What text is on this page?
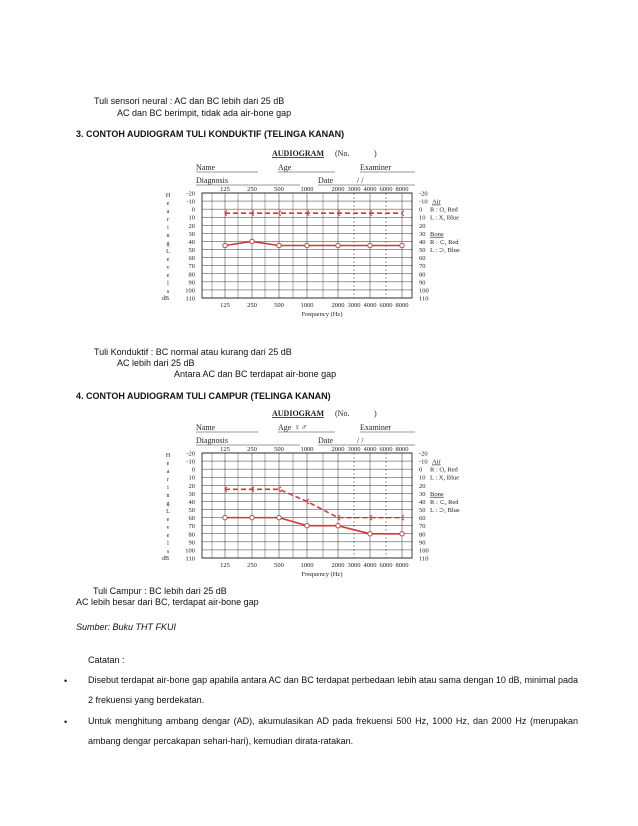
Tuli sensori neural : AC dan BC lebih dari 25 dB
AC dan BC berimpit, tidak ada air-bone gap
3. CONTOH AUDIOGRAM TULI KONDUKTIF (TELINGA KANAN)
AUDIOGRAM (No.	)
Name	Age	Examiner
Diagnosis	Date	/ /
-20	-20
-10	-10
0	0
10	10
20	20
30	30
40	40
50	50
60	60
70	70
80	80
90	90
100	100
110	110
Air
R : O, Red
L : X, Blue
Bone
R : ⊂, Red
L : ⊃, Blue
125
125
250
250
500
500
1000
1000
2000
2000
3000
3000
4000
4000
6000
6000
8000
8000
Frequency (Hz)
H
e
a
r
i
n
g
L
e
v
e
l
s
dB
Tuli Konduktif : BC normal atau kurang dari 25 dB
AC lebih dari 25 dB
Antara AC dan BC terdapat air-bone gap
4. CONTOH AUDIOGRAM TULI CAMPUR (TELINGA KANAN)
AUDIOGRAM (No.	)
Name	Age	Examiner
Diagnosis	Date	/ /
♀♂
-20	-20
-10	-10
0	0
10	10
20	20
30	30
40	40
50	50
60	60
70	70
80	80
90	90
100	100
110	110
Air
R : O, Red
L : X, Blue
Bone
R : ⊂, Red
L : ⊃, Blue
125
125
250
250
500
500
1000
1000
2000
2000
3000
3000
4000
4000
6000
6000
8000
8000
Frequency (Hz)
H
e
a
r
i
n
g
L
e
v
e
l
s
dB
Tuli Campur : BC lebih dari 25 dB
AC lebih besar dari BC, terdapat air-bone gap
Sumber: Buku THT FKUI
Catatan :
• Disebut terdapat air-bone gap apabila antara AC dan BC terdapat perbedaan lebih atau sama dengan 10 dB, minimal pada 2 frekuensi yang berdekatan.
• Untuk menghitung ambang dengar (AD), akumulasikan AD pada frekuensi 500 Hz, 1000 Hz, dan 2000 Hz (merupakan ambang dengar percakapan sehari-hari), kemudian dirata-ratakan.
